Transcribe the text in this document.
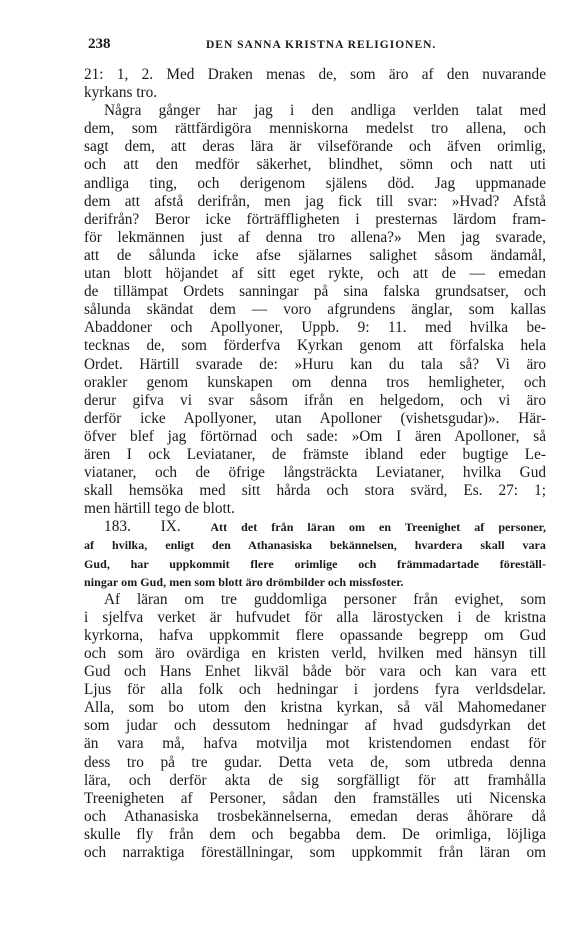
238	DEN SANNA KRISTNA RELIGIONEN.
21: 1, 2. Med Draken menas de, som äro af den nuvarande
kyrkans tro.
Några gånger har jag i den andliga verlden talat med
dem, som rättfärdigöra menniskorna medelst tro allena, och
sagt dem, att deras lära är vilseförande och äfven orimlig,
och att den medför säkerhet, blindhet, sömn och natt uti
andliga ting, och derigenom själens död. Jag uppmanade
dem att afstå derifrån, men jag fick till svar: »Hvad? Afstå
derifrån? Beror icke förträffligheten i presternas lärdom fram-
för lekmännen just af denna tro allena?» Men jag svarade,
att de sålunda icke afse själarnes salighet såsom ändamål,
utan blott höjandet af sitt eget rykte, och att de — emedan
de tillämpat Ordets sanningar på sina falska grundsatser, och
sålunda skändat dem — voro afgrundens änglar, som kallas
Abaddoner och Apollyoner, Uppb. 9: 11. med hvilka be-
tecknas de, som förderfva Kyrkan genom att förfalska hela
Ordet. Härtill svarade de: »Huru kan du tala så? Vi äro
orakler genom kunskapen om denna tros hemligheter, och
derur gifva vi svar såsom ifrån en helgedom, och vi äro
derför icke Apollyoner, utan Apolloner (vishetsgudar)». Här-
öfver blef jag förtörnad och sade: »Om I ären Apolloner, så
ären I ock Leviataner, de främste ibland eder bugtige Le-
viataner, och de öfrige långsträckta Leviataner, hvilka Gud
skall hemsöka med sitt hårda och stora svärd, Es. 27: 1;
men härtill tego de blott.
183. IX. Att det från läran om en Treenighet af personer,
af hvilka, enligt den Athanasiska bekännelsen, hvardera skall vara
Gud, har uppkommit flere orimlige och främmadartade föreställ-
ningar om Gud, men som blott äro drömbilder och missfoster.
Af läran om tre guddomliga personer från evighet, som
i sjelfva verket är hufvudet för alla lärostycken i de kristna
kyrkorna, hafva uppkommit flere opassande begrepp om Gud
och som äro ovärdiga en kristen verld, hvilken med hänsyn till
Gud och Hans Enhet likväl både bör vara och kan vara ett
Ljus för alla folk och hedningar i jordens fyra verldsdelar.
Alla, som bo utom den kristna kyrkan, så väl Mahomedaner
som judar och dessutom hedningar af hvad gudsdyrkan det
än vara må, hafva motvilja mot kristendomen endast för
dess tro på tre gudar. Detta veta de, som utbreda denna
lära, och derför akta de sig sorgfälligt för att framhålla
Treenigheten af Personer, sådan den framställes uti Nicenska
och Athanasiska trosbekännelserna, emedan deras åhörare då
skulle fly från dem och begabba dem. De orimliga, löjliga
och narraktiga föreställningar, som uppkommit från läran om
